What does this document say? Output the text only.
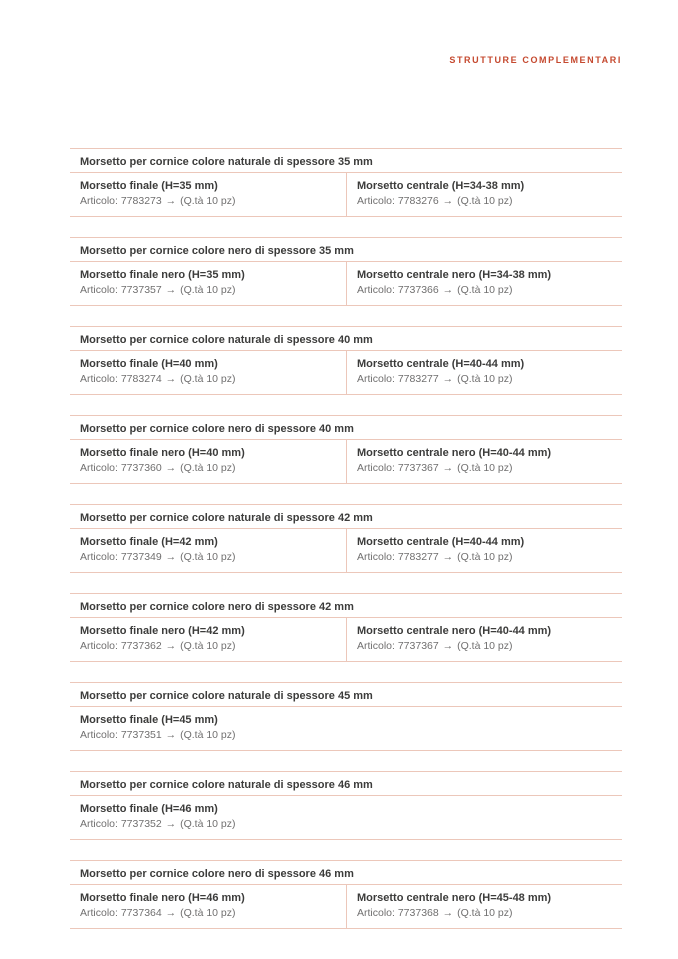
STRUTTURE COMPLEMENTARI
Morsetto per cornice colore naturale di spessore 35 mm
Morsetto finale (H=35 mm)
Articolo: 7783273 → (Q.tà 10 pz)
Morsetto centrale (H=34-38 mm)
Articolo: 7783276 → (Q.tà 10 pz)
Morsetto per cornice colore nero di spessore 35 mm
Morsetto finale nero (H=35 mm)
Articolo: 7737357 → (Q.tà 10 pz)
Morsetto centrale nero (H=34-38 mm)
Articolo: 7737366 → (Q.tà 10 pz)
Morsetto per cornice colore naturale di spessore 40 mm
Morsetto finale (H=40 mm)
Articolo: 7783274 → (Q.tà 10 pz)
Morsetto centrale (H=40-44 mm)
Articolo: 7783277 → (Q.tà 10 pz)
Morsetto per cornice colore nero di spessore 40 mm
Morsetto finale nero (H=40 mm)
Articolo: 7737360 → (Q.tà 10 pz)
Morsetto centrale nero (H=40-44 mm)
Articolo: 7737367 → (Q.tà 10 pz)
Morsetto per cornice colore naturale di spessore 42 mm
Morsetto finale (H=42 mm)
Articolo: 7737349 → (Q.tà 10 pz)
Morsetto centrale (H=40-44 mm)
Articolo: 7783277 → (Q.tà 10 pz)
Morsetto per cornice colore nero di spessore 42 mm
Morsetto finale nero (H=42 mm)
Articolo: 7737362 → (Q.tà 10 pz)
Morsetto centrale nero (H=40-44 mm)
Articolo: 7737367 → (Q.tà 10 pz)
Morsetto per cornice colore naturale di spessore 45 mm
Morsetto finale (H=45 mm)
Articolo: 7737351 → (Q.tà 10 pz)
Morsetto per cornice colore naturale di spessore 46 mm
Morsetto finale (H=46 mm)
Articolo: 7737352 → (Q.tà 10 pz)
Morsetto per cornice colore nero di spessore 46 mm
Morsetto finale nero (H=46 mm)
Articolo: 7737364 → (Q.tà 10 pz)
Morsetto centrale nero (H=45-48 mm)
Articolo: 7737368 → (Q.tà 10 pz)
